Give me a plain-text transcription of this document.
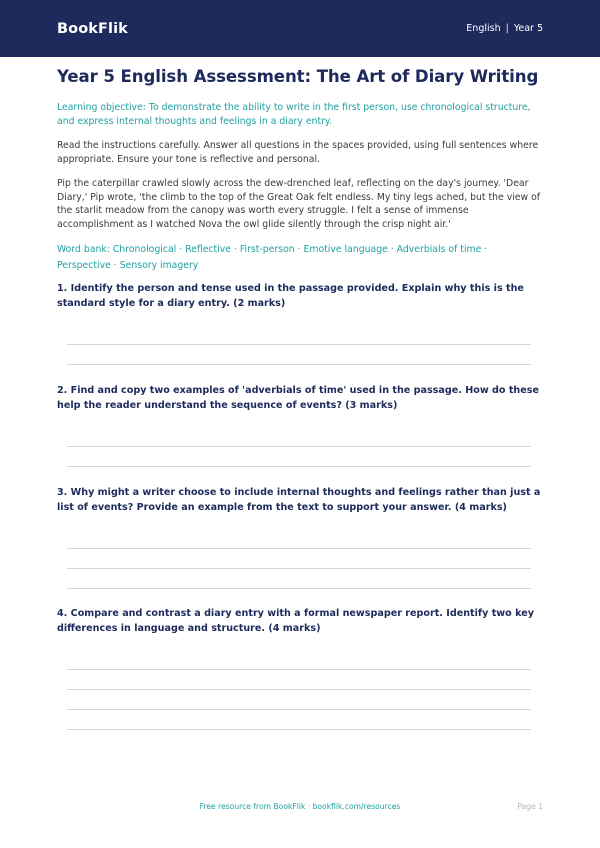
BookFlik	English | Year 5
Year 5 English Assessment: The Art of Diary Writing
Learning objective: To demonstrate the ability to write in the first person, use chronological structure, and express internal thoughts and feelings in a diary entry.
Read the instructions carefully. Answer all questions in the spaces provided, using full sentences where appropriate. Ensure your tone is reflective and personal.
Pip the caterpillar crawled slowly across the dew-drenched leaf, reflecting on the day's journey. 'Dear Diary,' Pip wrote, 'the climb to the top of the Great Oak felt endless. My tiny legs ached, but the view of the starlit meadow from the canopy was worth every struggle. I felt a sense of immense accomplishment as I watched Nova the owl glide silently through the crisp night air.'
Word bank: Chronological · Reflective · First-person · Emotive language · Adverbials of time · Perspective · Sensory imagery
1. Identify the person and tense used in the passage provided. Explain why this is the standard style for a diary entry. (2 marks)
2. Find and copy two examples of 'adverbials of time' used in the passage. How do these help the reader understand the sequence of events? (3 marks)
3. Why might a writer choose to include internal thoughts and feelings rather than just a list of events? Provide an example from the text to support your answer. (4 marks)
4. Compare and contrast a diary entry with a formal newspaper report. Identify two key differences in language and structure. (4 marks)
Free resource from BookFlik · bookflik.com/resources	Page 1
